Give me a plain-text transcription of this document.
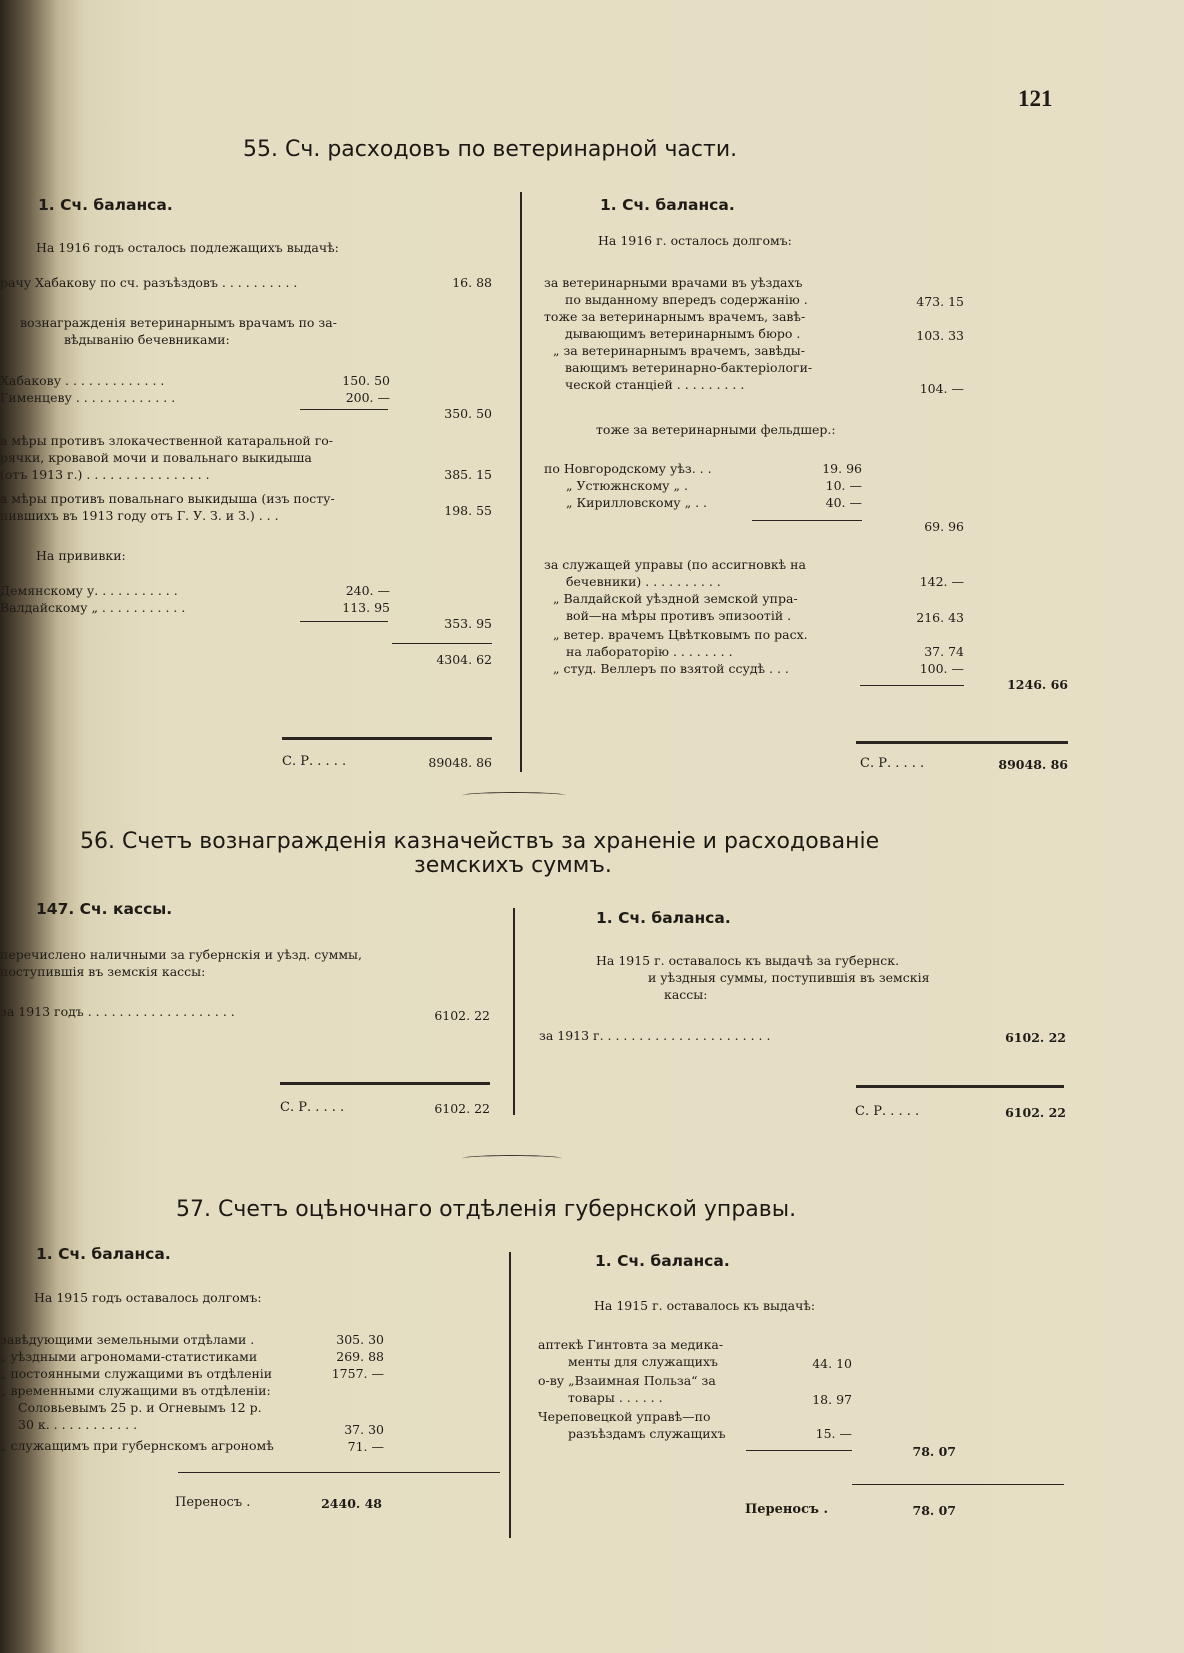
121
55. Сч. расходовъ по ветеринарной части.
1. Сч. баланса.
На 1916 годъ осталось подлежащихъ выдачѣ:
рачу Хабакову по сч. разъѣздовъ . . . . . . . . . .	16. 88
вознагражденія ветеринарнымъ врачамъ по за-
вѣдыванію бечевниками:
Хабакову . . . . . . . . . . . . .	150. 50
Гименцеву . . . . . . . . . . . . .	200. —
350. 50
а мѣры противъ злокачественной катаральной го-
рячки, кровавой мочи и повальнаго выкидыша
(отъ 1913 г.) . . . . . . . . . . . . . . . .	385. 15
а мѣры противъ повальнаго выкидыша (изъ посту-
пившихъ въ 1913 году отъ Г. У. З. и З.) . . .	198. 55
На прививки:
Демянскому у. . . . . . . . . . .	240. —
Валдайскому „ . . . . . . . . . . .	113. 95
353. 95
4304. 62
С. Р. . . . .	89048. 86
1. Сч. баланса.
На 1916 г. осталось долгомъ:
за ветеринарными врачами въ уѣздахъ
по выданному впередъ содержанію .	473. 15
тоже за ветеринарнымъ врачемъ, завѣ-
дывающимъ ветеринарнымъ бюро .	103. 33
„ за ветеринарнымъ врачемъ, завѣды-
вающимъ ветеринарно-бактеріологи-
ческой станціей . . . . . . . . .	104. —
тоже за ветеринарными фельдшер.:
по Новгородскому уѣз. . .	19. 96
„ Устюжнскому „ .	10. —
„ Кирилловскому „ . .	40. —
69. 96
за служащей управы (по ассигновкѣ на
бечевники) . . . . . . . . . .	142. —
„ Валдайской уѣздной земской упра-
вой—на мѣры противъ эпизоотій .	216. 43
„ ветер. врачемъ Цвѣтковымъ по расх.
на лабораторію . . . . . . . .	37. 74
„ студ. Веллеръ по взятой ссудѣ . . .	100. —
1246. 66
С. Р. . . . .	89048. 86
56. Счетъ вознагражденія казначействъ за храненіе и расходованіе
земскихъ суммъ.
147. Сч. кассы.
перечислено наличными за губернскія и уѣзд. суммы,
поступившія въ земскія кассы:
за 1913 годъ . . . . . . . . . . . . . . . . . . .	6102. 22
С. Р. . . . .	6102. 22
1. Сч. баланса.
На 1915 г. оставалось къ выдачѣ за губернск.
и уѣздныя суммы, поступившія въ земскія
кассы:
за 1913 г. . . . . . . . . . . . . . . . . . . . . .	6102. 22
С. Р. . . . .	6102. 22
57. Счетъ оцѣночнаго отдѣленія губернской управы.
1. Сч. баланса.
На 1915 годъ оставалось долгомъ:
завѣдующими земельными отдѣлами .	305. 30
„ уѣздными агрономами-статистиками	269. 88
„ постоянными служащими въ отдѣленіи	1757. —
„ временными служащими въ отдѣленіи:
Соловьевымъ 25 р. и Огневымъ 12 р.
30 к. . . . . . . . . . . .	37. 30
„ служащимъ при губернскомъ агрономѣ	71. —
Переносъ .	2440. 48
1. Сч. баланса.
На 1915 г. оставалось къ выдачѣ:
аптекѣ Гинтовта за медика-
менты для служащихъ	44. 10
о-ву „Взаимная Польза“ за
товары . . . . . .	18. 97
Череповецкой управѣ—по
разъѣздамъ служащихъ	15. —
78. 07
Переносъ .	78. 07
